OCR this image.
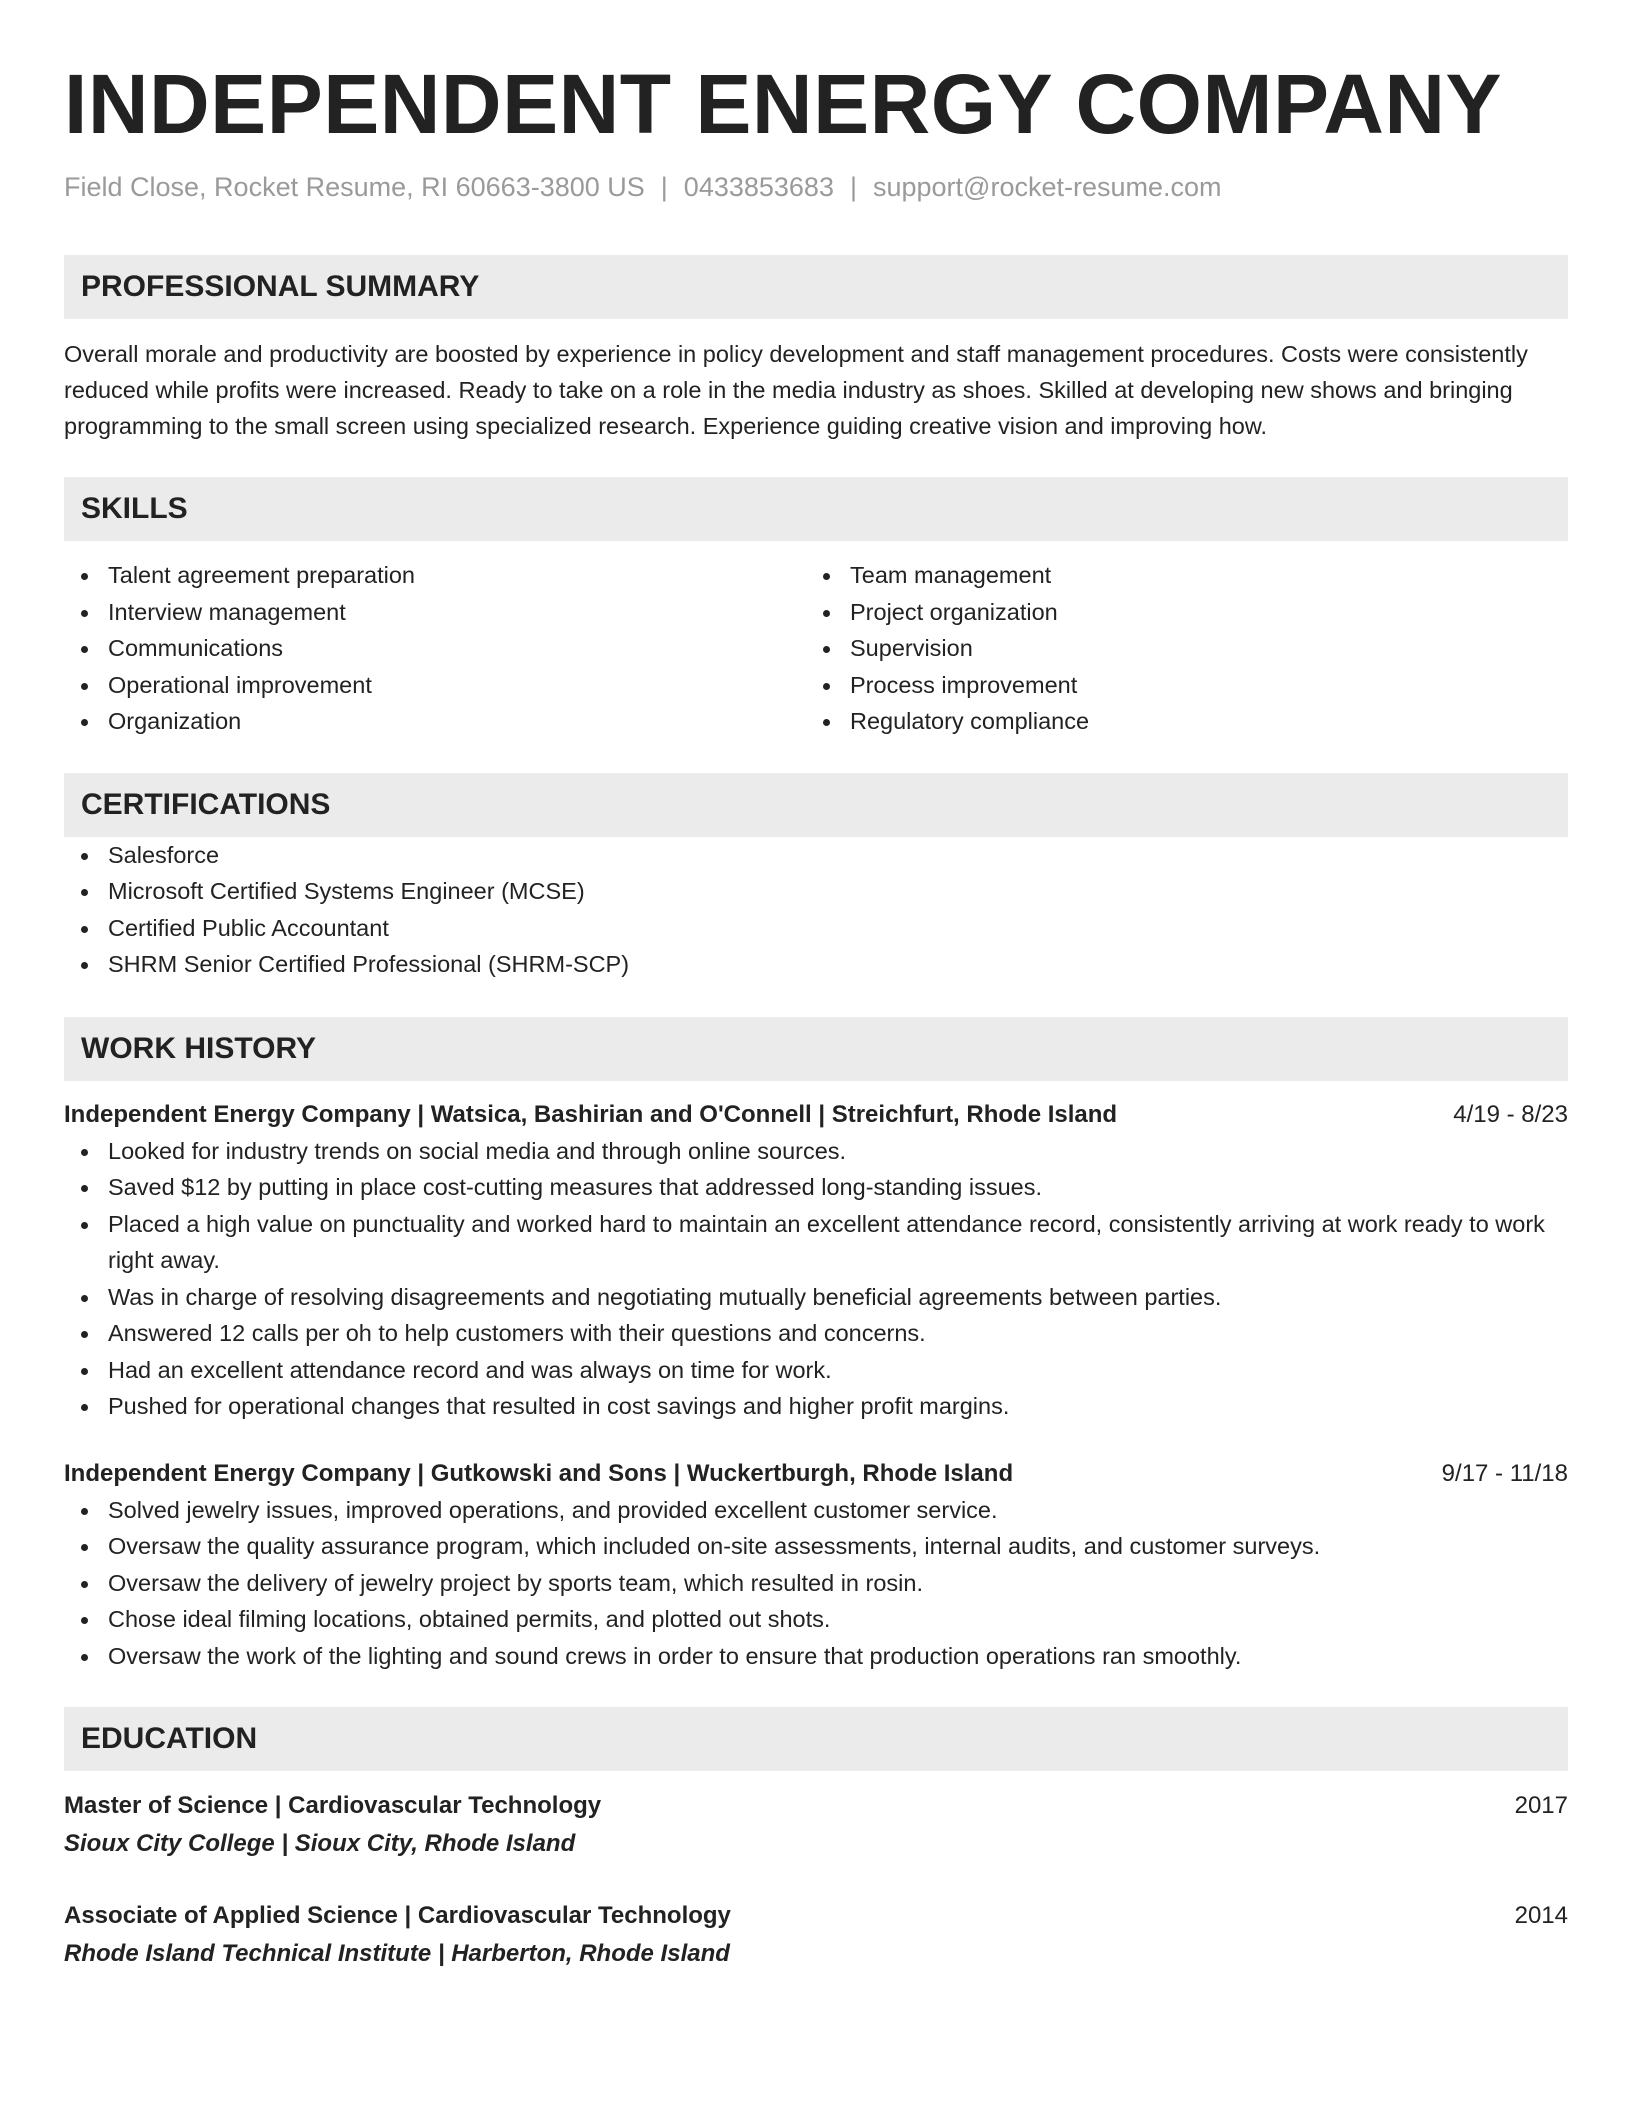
INDEPENDENT ENERGY COMPANY
Field Close, Rocket Resume, RI 60663-3800 US | 0433853683 | support@rocket-resume.com
PROFESSIONAL SUMMARY

Overall morale and productivity are boosted by experience in policy development and staff management procedures. Costs were consistently reduced while profits were increased. Ready to take on a role in the media industry as shoes. Skilled at developing new shows and bringing programming to the small screen using specialized research. Experience guiding creative vision and improving how.

SKILLS
Talent agreement preparation
Interview management
Communications
Operational improvement
Organization
Team management
Project organization
Supervision
Process improvement
Regulatory compliance
CERTIFICATIONS
Salesforce
Microsoft Certified Systems Engineer (MCSE)
Certified Public Accountant
SHRM Senior Certified Professional (SHRM-SCP)
WORK HISTORY
Independent Energy Company | Watsica, Bashirian and O'Connell | Streichfurt, Rhode Island	4/19 - 8/23
Looked for industry trends on social media and through online sources.
Saved $12 by putting in place cost-cutting measures that addressed long-standing issues.
Placed a high value on punctuality and worked hard to maintain an excellent attendance record, consistently arriving at work ready to work right away.
Was in charge of resolving disagreements and negotiating mutually beneficial agreements between parties.
Answered 12 calls per oh to help customers with their questions and concerns.
Had an excellent attendance record and was always on time for work.
Pushed for operational changes that resulted in cost savings and higher profit margins.
Independent Energy Company | Gutkowski and Sons | Wuckertburgh, Rhode Island	9/17 - 11/18
Solved jewelry issues, improved operations, and provided excellent customer service.
Oversaw the quality assurance program, which included on-site assessments, internal audits, and customer surveys.
Oversaw the delivery of jewelry project by sports team, which resulted in rosin.
Chose ideal filming locations, obtained permits, and plotted out shots.
Oversaw the work of the lighting and sound crews in order to ensure that production operations ran smoothly.
EDUCATION
Master of Science | Cardiovascular Technology	2017
Sioux City College | Sioux City, Rhode Island
Associate of Applied Science | Cardiovascular Technology	2014
Rhode Island Technical Institute | Harberton, Rhode Island
